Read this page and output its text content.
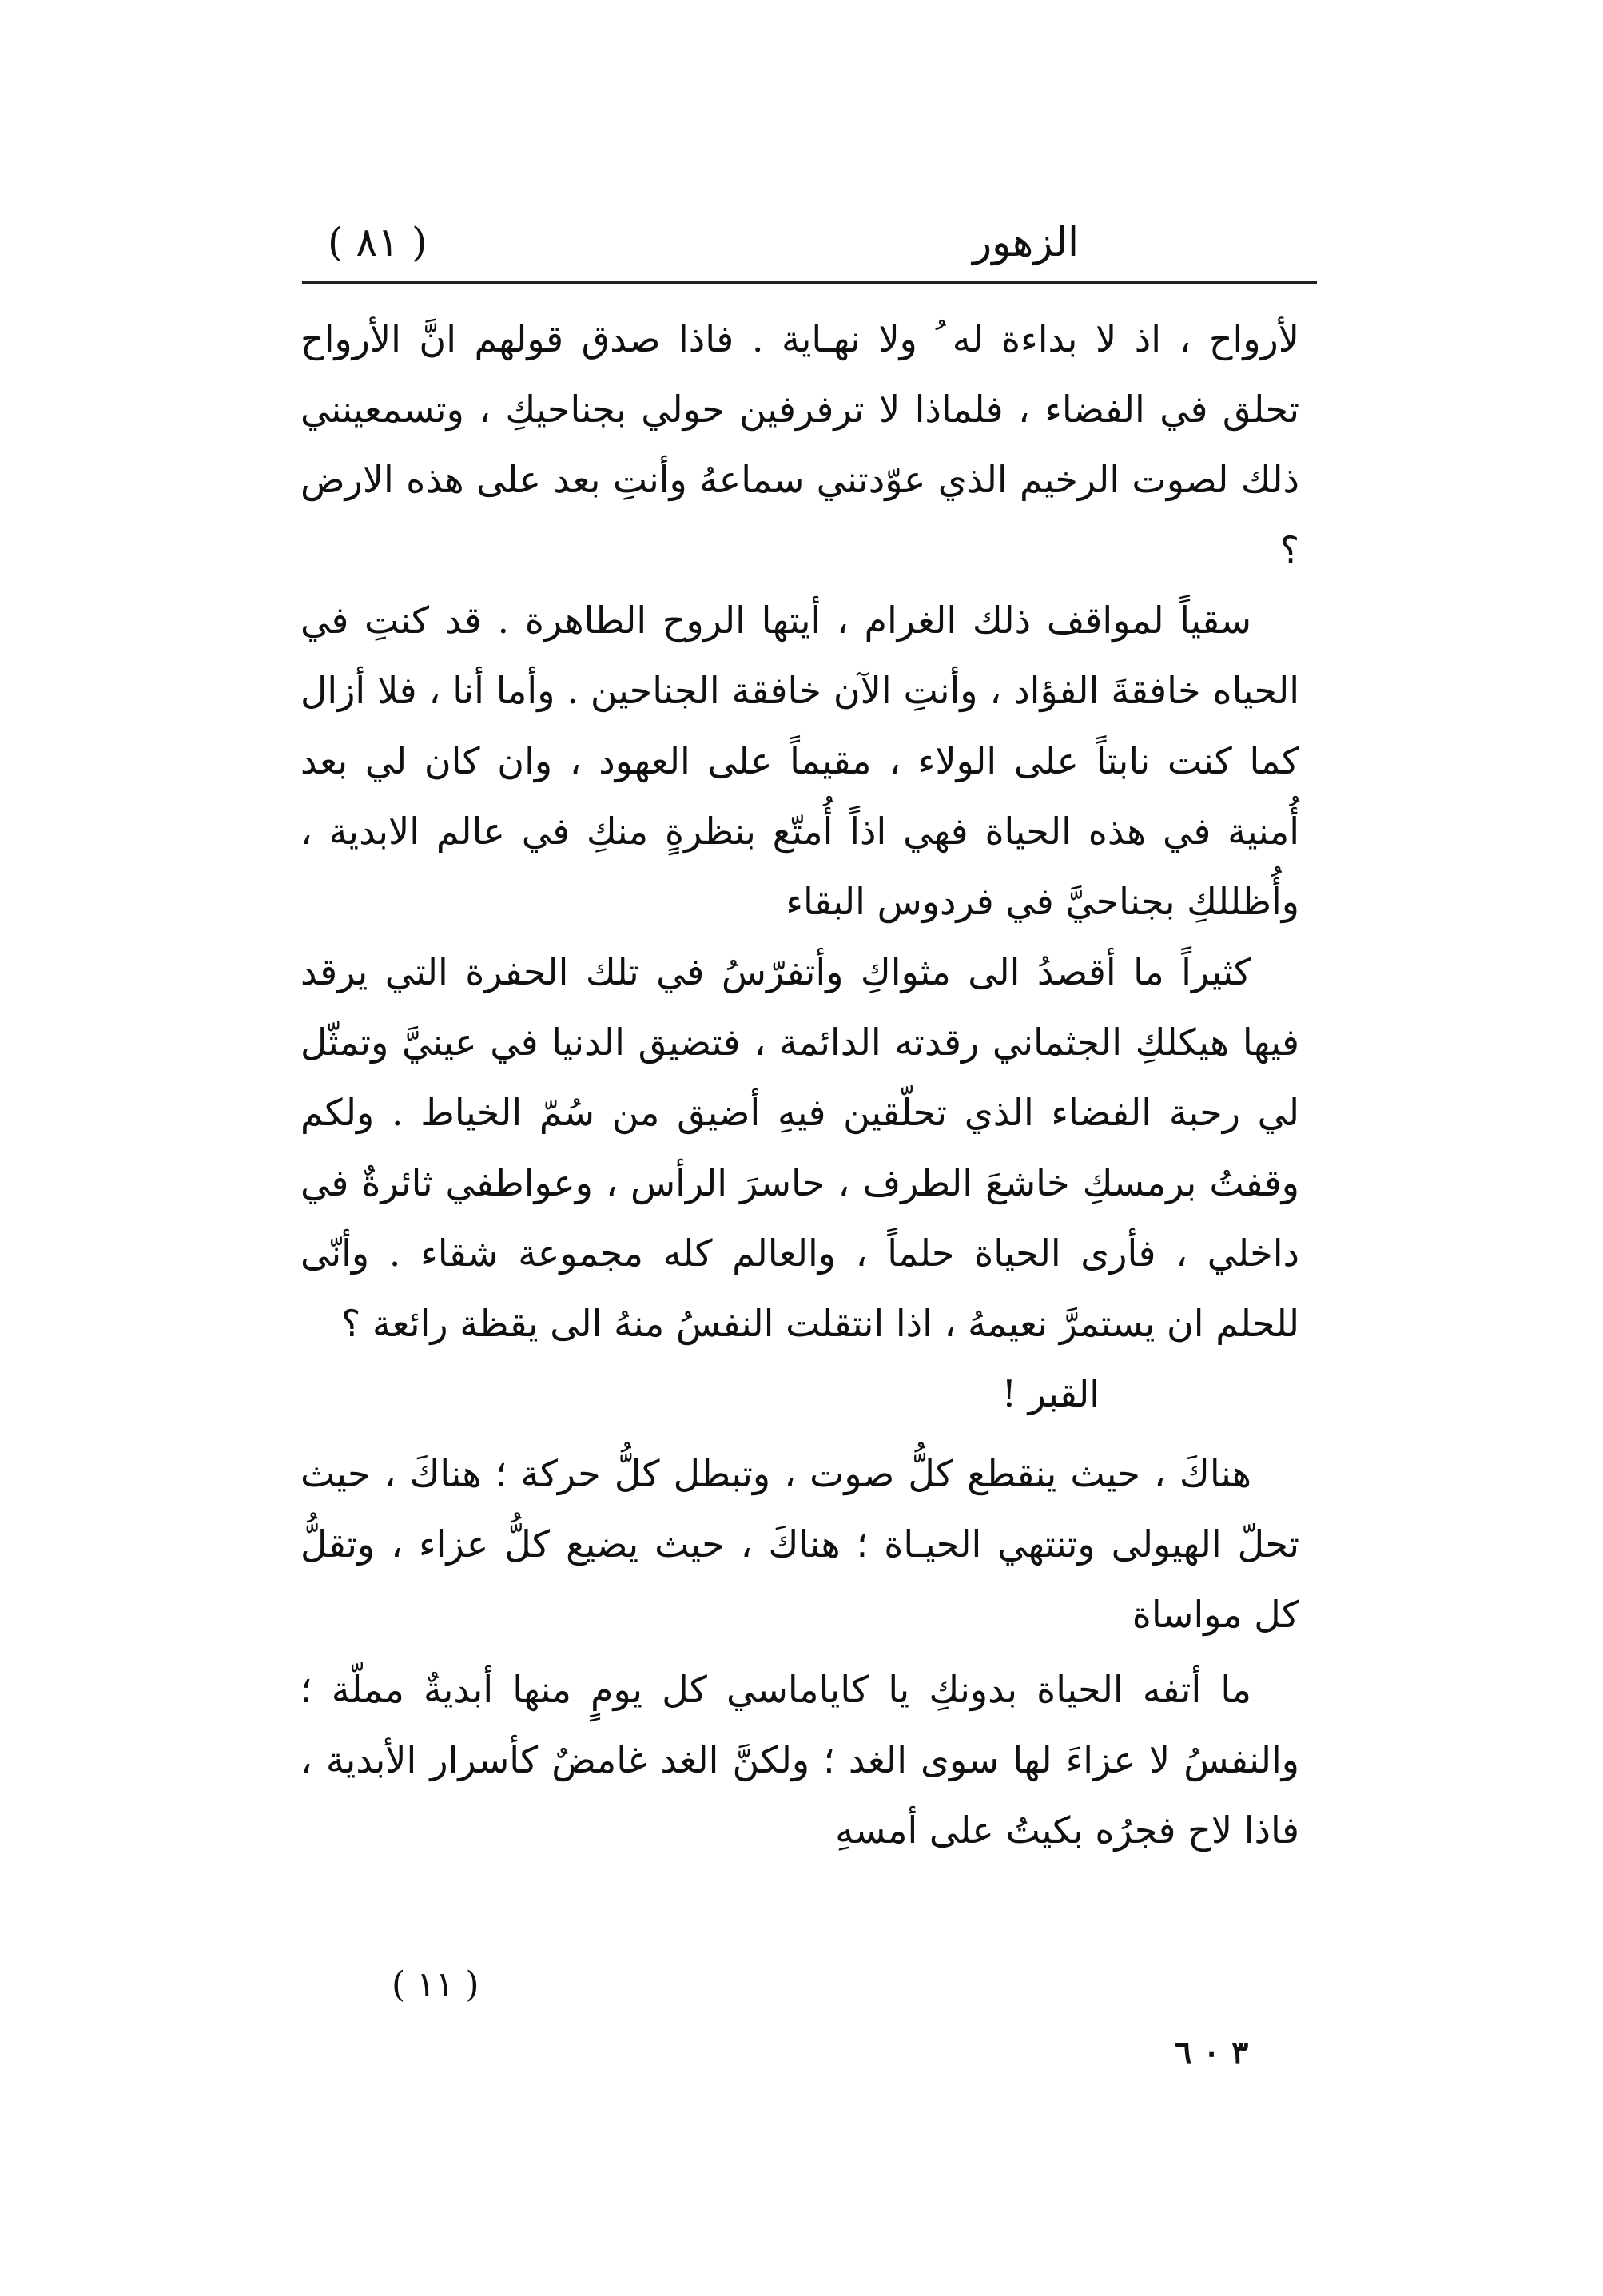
الزهور
( ٨١ )

لأرواح ، اذ لا بداءة له ُ ولا نهـاية . فاذا صدق قولهم انَّ الأرواح تحلق في الفضاء ، فلماذا لا ترفرفين حولي بجناحيكِ ، وتسمعينني ذلك لصوت الرخيم الذي عوّدتني سماعهُ وأنتِ بعد على هذه الارض ؟

سقياً لمواقف ذلك الغرام ، أيتها الروح الطاهرة . قد كنتِ في الحياه خافقةَ الفؤاد ، وأنتِ الآن خافقة الجناحين . وأما أنا ، فلا أزال كما كنت نابتاً على الولاء ، مقيماً على العهود ، وان كان لي بعد أُمنية في هذه الحياة فهي اذاً أُمتّع بنظرةٍ منكِ في عالم الابدية ، وأُظللكِ بجناحيَّ في فردوس البقاء

كثيراً ما أقصدُ الى مثواكِ وأتفرّسُ في تلك الحفرة التي يرقد فيها هيكلكِ الجثماني رقدته الدائمة ، فتضيق الدنيا في عينيَّ وتمثّل لي رحبة الفضاء الذي تحلّقين فيهِ أضيق من سُمّ الخياط . ولكم وقفتُ برمسكِ خاشعَ الطرف ، حاسرَ الرأس ، وعواطفي ثائرةٌ في داخلي ، فأرى الحياة حلماً ، والعالم كله مجموعة شقاء . وأنّى للحلم ان يستمرَّ نعيمهُ ، اذا انتقلت النفسُ منهُ الى يقظة رائعة ؟

القبر !

هناكَ ، حيث ينقطع كلُّ صوت ، وتبطل كلُّ حركة ؛ هناكَ ، حيث تحلّ الهيولى وتنتهي الحيـاة ؛ هناكَ ، حيث يضيع كلُّ عزاء ، وتقلُّ كل مواساة

ما أتفه الحياة بدونكِ يا كاياماسي كل يومٍ منها أبديةٌ مملّة ؛ والنفسُ لا عزاءَ لها سوى الغد ؛ ولكنَّ الغد غامضٌ كأسرار الأبدية ، فاذا لاح فجرُه بكيتُ على أمسهِ

( ١١ )
٣ ٠ ٦
